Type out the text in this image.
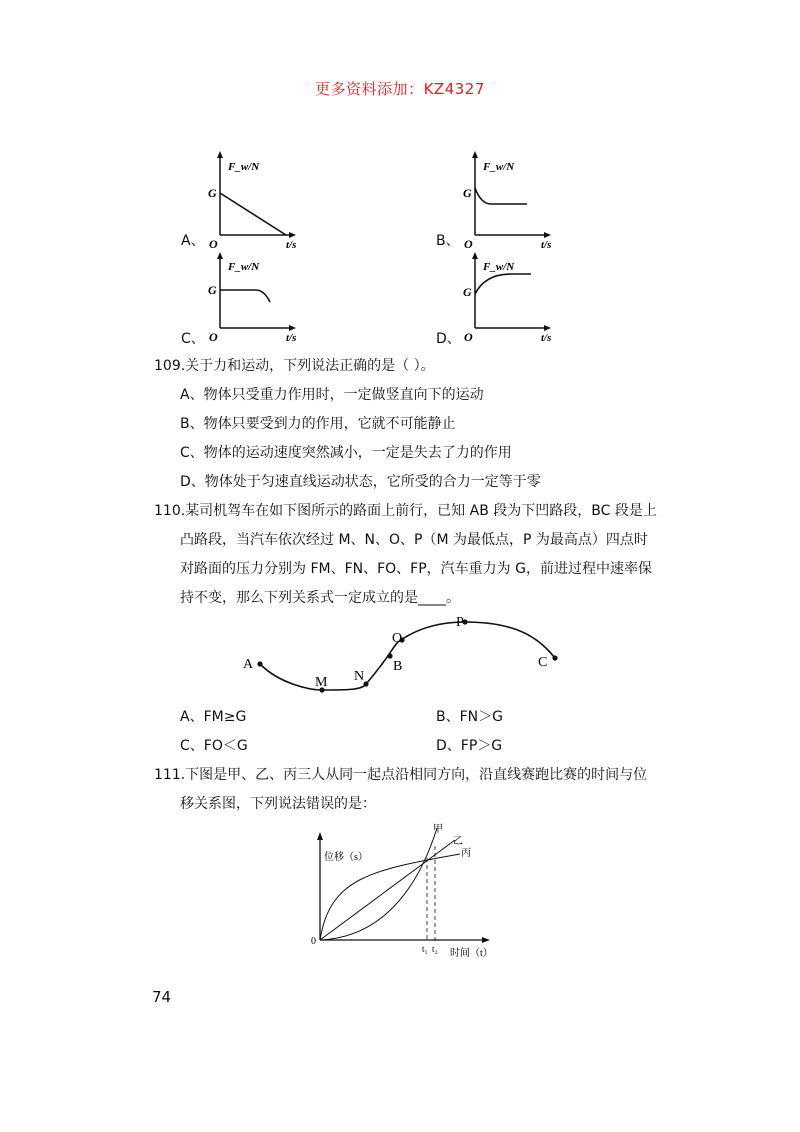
更多资料添加：KZ4327
A、
F_w/N
G
O	t/s	B、
F_w/N
G
O	t/s
C、
F_w/N
G
O	t/s	D、
F_w/N
G
O	t/s
109.关于力和运动，下列说法正确的是（ ）。
A、物体只受重力作用时，一定做竖直向下的运动
B、物体只要受到力的作用，它就不可能静止
C、物体的运动速度突然减小，一定是失去了力的作用
D、物体处于匀速直线运动状态，它所受的合力一定等于零
110.某司机驾车在如下图所示的路面上前行，已知 AB 段为下凹路段，BC 段是上
凸路段，当汽车依次经过 M、N、O、P（M 为最低点，P 为最高点）四点时
对路面的压力分别为 FM、FN、FO、FP，汽车重力为 G，前进过程中速率保
持不变，那么下列关系式一定成立的是____。
A
M N
B
O
P
C
A、FM≥G	B、FN＞G
C、FO＜G	D、FP＞G
111.下图是甲、乙、丙三人从同一起点沿相同方向，沿直线赛跑比赛的时间与位
移关系图，下列说法错误的是：
位移（s）
0
t₁ t₂ 时间（t）
甲
乙
丙
74
